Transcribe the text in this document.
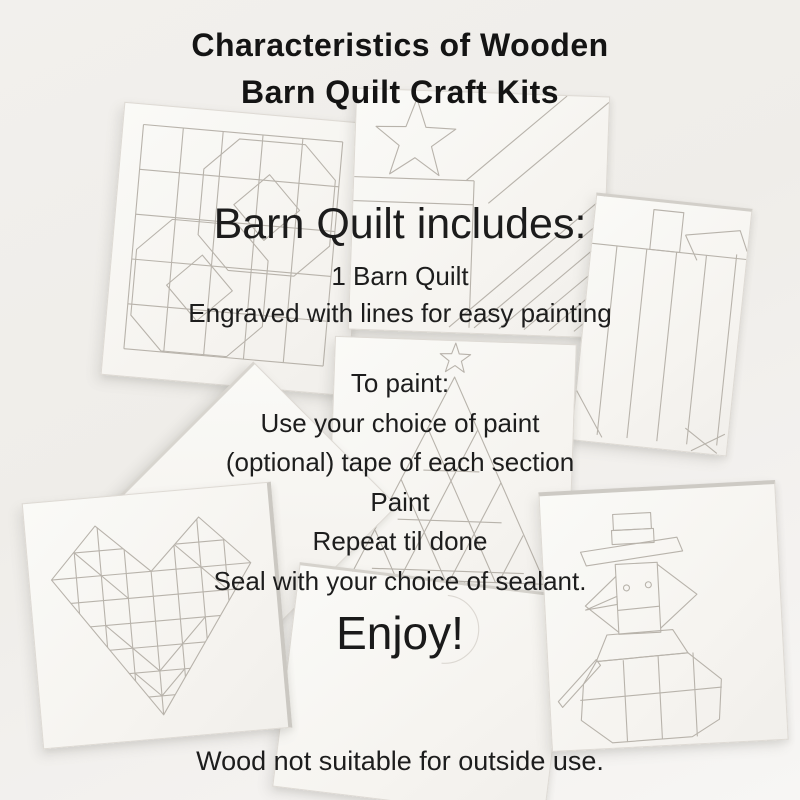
Characteristics of Wooden
Barn Quilt Craft Kits
Barn Quilt includes:
1 Barn Quilt
Engraved with lines for easy painting
To paint:
Use your choice of paint
(optional) tape of each section
Paint
Repeat til done
Seal with your choice of sealant.
Enjoy!
Wood not suitable for outside use.
